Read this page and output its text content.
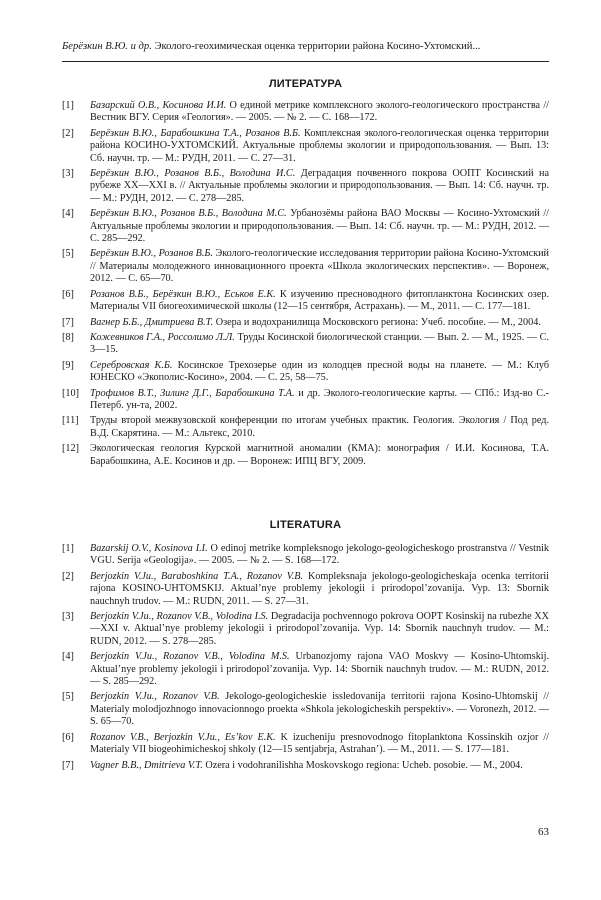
Берёзкин В.Ю. и др. Эколого-геохимическая оценка территории района Косино-Ухтомский...
ЛИТЕРАТУРА
[1] Базарский О.В., Косинова И.И. О единой метрике комплексного эколого-геологического пространства // Вестник ВГУ. Серия «Геология». — 2005. — № 2. — С. 168—172.
[2] Берёзкин В.Ю., Барабошкина Т.А., Розанов В.Б. Комплексная эколого-геологическая оценка территории района КОСИНО-УХТОМСКИЙ. Актуальные проблемы экологии и природопользования. — Вып. 13: Сб. научн. тр. — М.: РУДН, 2011. — С. 27—31.
[3] Берёзкин В.Ю., Розанов В.Б., Володина И.С. Деградация почвенного покрова ООПТ Косинский на рубеже XX—XXI в. // Актуальные проблемы экологии и природопользования. — Вып. 14: Сб. научн. тр. — М.: РУДН, 2012. — С. 278—285.
[4] Берёзкин В.Ю., Розанов В.Б., Володина М.С. Урбанозёмы района ВАО Москвы — Косино-Ухтомский // Актуальные проблемы экологии и природопользования. — Вып. 14: Сб. научн. тр. — М.: РУДН, 2012. — С. 285—292.
[5] Берёзкин В.Ю., Розанов В.Б. Эколого-геологические исследования территории района Косино-Ухтомский // Материалы молодежного инновационного проекта «Школа экологических перспектив». — Воронеж, 2012. — С. 65—70.
[6] Розанов В.Б., Берёзкин В.Ю., Еськов Е.К. К изучению пресноводного фитопланктона Косинских озер. Материалы VII биогеохимической школы (12—15 сентября, Астрахань). — М., 2011. — С. 177—181.
[7] Вагнер Б.Б., Дмитриева В.Т. Озера и водохранилища Московского региона: Учеб. пособие. — М., 2004.
[8] Кожевников Г.А., Россолимо Л.Л. Труды Косинской биологической станции. — Вып. 2. — М., 1925. — С. 3—15.
[9] Серебровская К.Б. Косинское Трехозерье один из колодцев пресной воды на планете. — М.: Клуб ЮНЕСКО «Экополис-Косино», 2004. — С. 25, 58—75.
[10] Трофимов В.Т., Зилинг Д.Г., Барабошкина Т.А. и др. Эколого-геологические карты. — СПб.: Изд-во С.-Петерб. ун-та, 2002.
[11] Труды второй межвузовской конференции по итогам учебных практик. Геология. Экология / Под ред. В.Д. Скарятина. — М.: Альтекс, 2010.
[12] Экологическая геология Курской магнитной аномалии (КМА): монография / И.И. Косинова, Т.А. Барабошкина, А.Е. Косинов и др. — Воронеж: ИПЦ ВГУ, 2009.
LITERATURA
[1] Bazarskij O.V., Kosinova I.I. O edinoj metrike kompleksnogo jekologo-geologicheskogo prostranstva // Vestnik VGU. Serija «Geologija». — 2005. — № 2. — S. 168—172.
[2] Berjozkin V.Ju., Baraboshkina T.A., Rozanov V.B. Kompleksnaja jekologo-geologicheskaja ocenka territorii rajona KOSINO-UHTOMSKIJ. Aktual’nye problemy jekologii i prirodopol’zovanija. Vyp. 13: Sbornik nauchnyh trudov. — M.: RUDN, 2011. — S. 27—31.
[3] Berjozkin V.Ju., Rozanov V.B., Volodina I.S. Degradacija pochvennogo pokrova OOPT Kosinskij na rubezhe XX—XXI v. Aktual’nye problemy jekologii i prirodopol’zovanija. Vyp. 14: Sbornik nauchnyh trudov. — M.: RUDN, 2012. — S. 278—285.
[4] Berjozkin V.Ju., Rozanov V.B., Volodina M.S. Urbanozjomy rajona VAO Moskvy — Kosino-Uhtomskij. Aktual’nye problemy jekologii i prirodopol’zovanija. Vyp. 14: Sbornik nauchnyh trudov. — M.: RUDN, 2012. — S. 285—292.
[5] Berjozkin V.Ju., Rozanov V.B. Jekologo-geologicheskie issledovanija territorii rajona Kosino-Uhtomskij // Materialy molodjozhnogo innovacionnogo proekta «Shkola jekologicheskih perspektiv». — Voronezh, 2012. — S. 65—70.
[6] Rozanov V.B., Berjozkin V.Ju., Es’kov E.K. K izucheniju presnovodnogo fitoplanktona Kossinskih ozjor // Materialy VII biogeohimicheskoj shkoly (12—15 sentjabrja, Astrahan’). — M., 2011. — S. 177—181.
[7] Vagner B.B., Dmitrieva V.T. Ozera i vodohranilishha Moskovskogo regiona: Ucheb. posobie. — M., 2004.
63
